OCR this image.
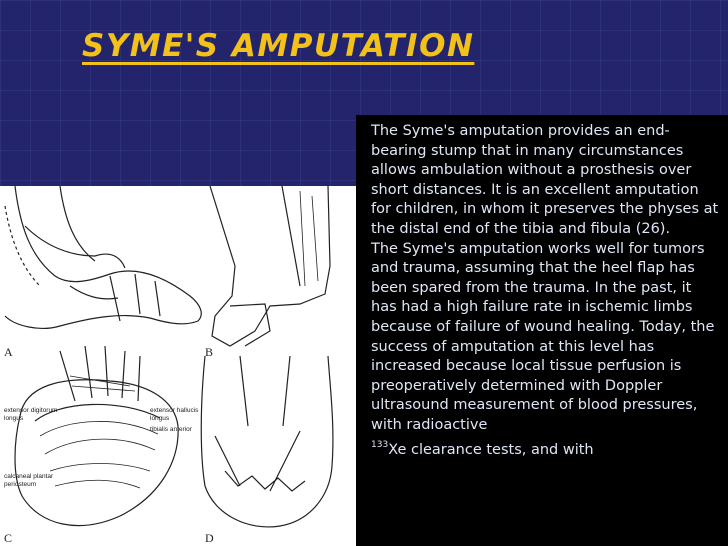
SYME'S AMPUTATION
A	B
C	D
extensor digitorum
longus
extensor hallucis
longus
tibialis anterior
calcaneal plantar
periosteum

The Syme's amputation provides an end-bearing stump that in many circumstances allows ambulation without a prosthesis over short distances. It is an excellent amputation for children, in whom it preserves the physes at the distal end of the tibia and fibula (26).

The Syme's amputation works well for tumors and trauma, assuming that the heel flap has been spared from the trauma. In the past, it has had a high failure rate in ischemic limbs because of failure of wound healing. Today, the success of amputation at this level has increased because local tissue perfusion is preoperatively determined with Doppler ultrasound measurement of blood pressures, with radioactive
$^{133}$Xe clearance tests, and with
